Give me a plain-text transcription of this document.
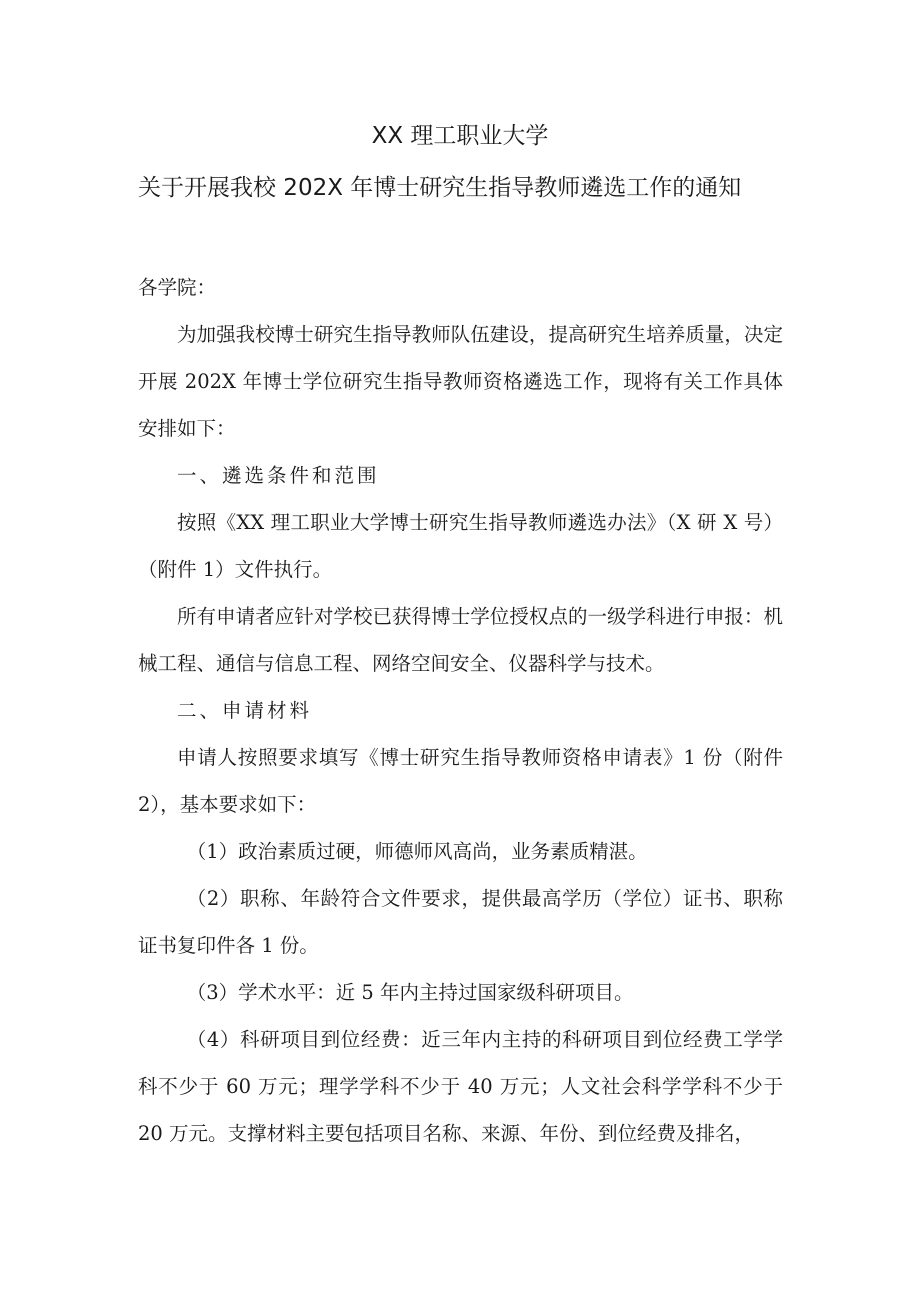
XX 理工职业大学
关于开展我校 202X 年博士研究生指导教师遴选工作的通知

各学院：

为加强我校博士研究生指导教师队伍建设，提高研究生培养质量，决定开展 202X 年博士学位研究生指导教师资格遴选工作，现将有关工作具体安排如下：

一、遴选条件和范围

按照《XX 理工职业大学博士研究生指导教师遴选办法》（X 研 X 号）（附件 1）文件执行。

所有申请者应针对学校已获得博士学位授权点的一级学科进行申报：机械工程、通信与信息工程、网络空间安全、仪器科学与技术。

二、申请材料

申请人按照要求填写《博士研究生指导教师资格申请表》1 份（附件 2），基本要求如下：

（1）政治素质过硬，师德师风高尚，业务素质精湛。

（2）职称、年龄符合文件要求，提供最高学历（学位）证书、职称证书复印件各 1 份。

（3）学术水平：近 5 年内主持过国家级科研项目。

（4）科研项目到位经费：近三年内主持的科研项目到位经费工学学科不少于 60 万元；理学学科不少于 40 万元；人文社会科学学科不少于 20 万元。支撑材料主要包括项目名称、来源、年份、到位经费及排名，
